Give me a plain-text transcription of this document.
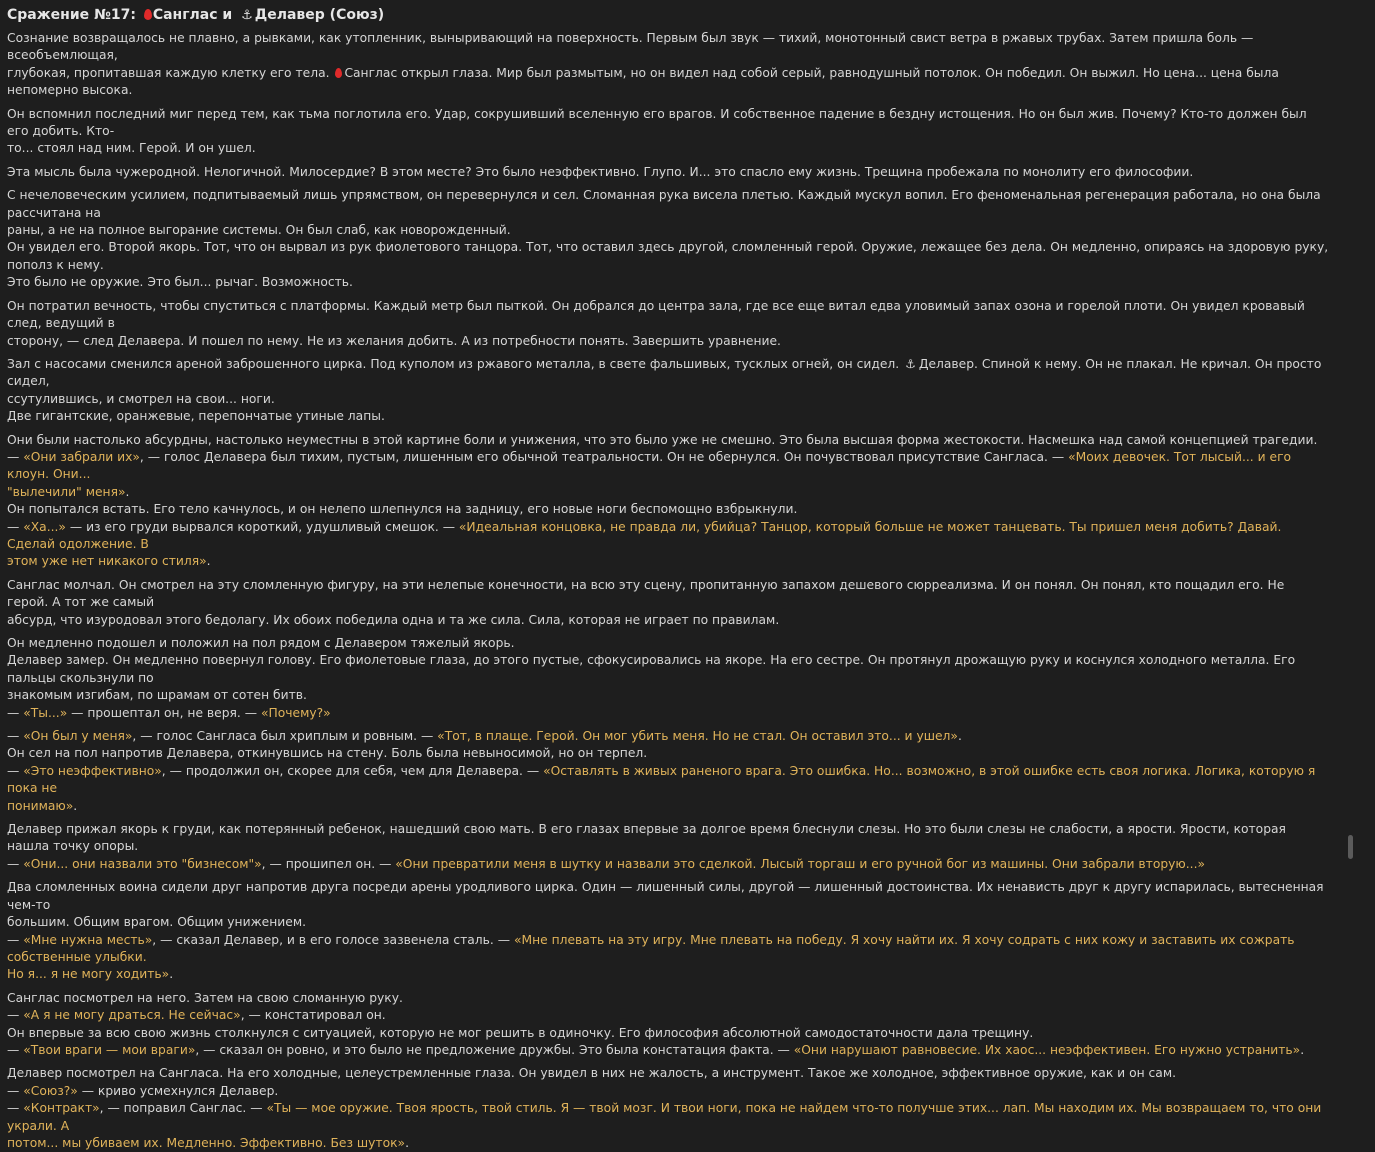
Сражение №17: Санглас и ⚓ Делавер (Союз)
Сознание возвращалось не плавно, а рывками, как утопленник, выныривающий на поверхность. Первым был звук — тихий, монотонный свист ветра в ржавых трубах. Затем пришла боль — всеобъемлющая,
глубокая, пропитавшая каждую клетку его тела. Санглас открыл глаза. Мир был размытым, но он видел над собой серый, равнодушный потолок. Он победил. Он выжил. Но цена... цена была непомерно высока.
Он вспомнил последний миг перед тем, как тьма поглотила его. Удар, сокрушивший вселенную его врагов. И собственное падение в бездну истощения. Но он был жив. Почему? Кто-то должен был его добить. Кто-
то... стоял над ним. Герой. И он ушел.
Эта мысль была чужеродной. Нелогичной. Милосердие? В этом месте? Это было неэффективно. Глупо. И... это спасло ему жизнь. Трещина пробежала по монолиту его философии.
С нечеловеческим усилием, подпитываемый лишь упрямством, он перевернулся и сел. Сломанная рука висела плетью. Каждый мускул вопил. Его феноменальная регенерация работала, но она была рассчитана на
раны, а не на полное выгорание системы. Он был слаб, как новорожденный.
Он увидел его. Второй якорь. Тот, что он вырвал из рук фиолетового танцора. Тот, что оставил здесь другой, сломленный герой. Оружие, лежащее без дела. Он медленно, опираясь на здоровую руку, пополз к нему.
Это было не оружие. Это был... рычаг. Возможность.
Он потратил вечность, чтобы спуститься с платформы. Каждый метр был пыткой. Он добрался до центра зала, где все еще витал едва уловимый запах озона и горелой плоти. Он увидел кровавый след, ведущий в
сторону, — след Делавера. И пошел по нему. Не из желания добить. А из потребности понять. Завершить уравнение.
Зал с насосами сменился ареной заброшенного цирка. Под куполом из ржавого металла, в свете фальшивых, тусклых огней, он сидел. ⚓ Делавер. Спиной к нему. Он не плакал. Не кричал. Он просто сидел,
ссутулившись, и смотрел на свои... ноги.
Две гигантские, оранжевые, перепончатые утиные лапы.
Они были настолько абсурдны, настолько неуместны в этой картине боли и унижения, что это было уже не смешно. Это была высшая форма жестокости. Насмешка над самой концепцией трагедии.
— «Они забрали их», — голос Делавера был тихим, пустым, лишенным его обычной театральности. Он не обернулся. Он почувствовал присутствие Сангласа. — «Моих девочек. Тот лысый... и его клоун. Они...
"вылечили" меня».
Он попытался встать. Его тело качнулось, и он нелепо шлепнулся на задницу, его новые ноги беспомощно взбрыкнули.
— «Ха...» — из его груди вырвался короткий, удушливый смешок. — «Идеальная концовка, не правда ли, убийца? Танцор, который больше не может танцевать. Ты пришел меня добить? Давай. Сделай одолжение. В
этом уже нет никакого стиля».
Санглас молчал. Он смотрел на эту сломленную фигуру, на эти нелепые конечности, на всю эту сцену, пропитанную запахом дешевого сюрреализма. И он понял. Он понял, кто пощадил его. Не герой. А тот же самый
абсурд, что изуродовал этого бедолагу. Их обоих победила одна и та же сила. Сила, которая не играет по правилам.
Он медленно подошел и положил на пол рядом с Делавером тяжелый якорь.
Делавер замер. Он медленно повернул голову. Его фиолетовые глаза, до этого пустые, сфокусировались на якоре. На его сестре. Он протянул дрожащую руку и коснулся холодного металла. Его пальцы скользнули по
знакомым изгибам, по шрамам от сотен битв.
— «Ты...» — прошептал он, не веря. — «Почему?»
— «Он был у меня», — голос Сангласа был хриплым и ровным. — «Тот, в плаще. Герой. Он мог убить меня. Но не стал. Он оставил это... и ушел».
Он сел на пол напротив Делавера, откинувшись на стену. Боль была невыносимой, но он терпел.
— «Это неэффективно», — продолжил он, скорее для себя, чем для Делавера. — «Оставлять в живых раненого врага. Это ошибка. Но... возможно, в этой ошибке есть своя логика. Логика, которую я пока не
понимаю».
Делавер прижал якорь к груди, как потерянный ребенок, нашедший свою мать. В его глазах впервые за долгое время блеснули слезы. Но это были слезы не слабости, а ярости. Ярости, которая нашла точку опоры.
— «Они... они назвали это "бизнесом"», — прошипел он. — «Они превратили меня в шутку и назвали это сделкой. Лысый торгаш и его ручной бог из машины. Они забрали вторую...»
Два сломленных воина сидели друг напротив друга посреди арены уродливого цирка. Один — лишенный силы, другой — лишенный достоинства. Их ненависть друг к другу испарилась, вытесненная чем-то
большим. Общим врагом. Общим унижением.
— «Мне нужна месть», — сказал Делавер, и в его голосе зазвенела сталь. — «Мне плевать на эту игру. Мне плевать на победу. Я хочу найти их. Я хочу содрать с них кожу и заставить их сожрать собственные улыбки.
Но я... я не могу ходить».
Санглас посмотрел на него. Затем на свою сломанную руку.
— «А я не могу драться. Не сейчас», — констатировал он.
Он впервые за всю свою жизнь столкнулся с ситуацией, которую не мог решить в одиночку. Его философия абсолютной самодостаточности дала трещину.
— «Твои враги — мои враги», — сказал он ровно, и это было не предложение дружбы. Это была констатация факта. — «Они нарушают равновесие. Их хаос... неэффективен. Его нужно устранить».
Делавер посмотрел на Сангласа. На его холодные, целеустремленные глаза. Он увидел в них не жалость, а инструмент. Такое же холодное, эффективное оружие, как и он сам.
— «Союз?» — криво усмехнулся Делавер.
— «Контракт», — поправил Санглас. — «Ты — мое оружие. Твоя ярость, твой стиль. Я — твой мозг. И твои ноги, пока не найдем что-то получше этих... лап. Мы находим их. Мы возвращаем то, что они украли. А
потом... мы убиваем их. Медленно. Эффективно. Без шуток».
